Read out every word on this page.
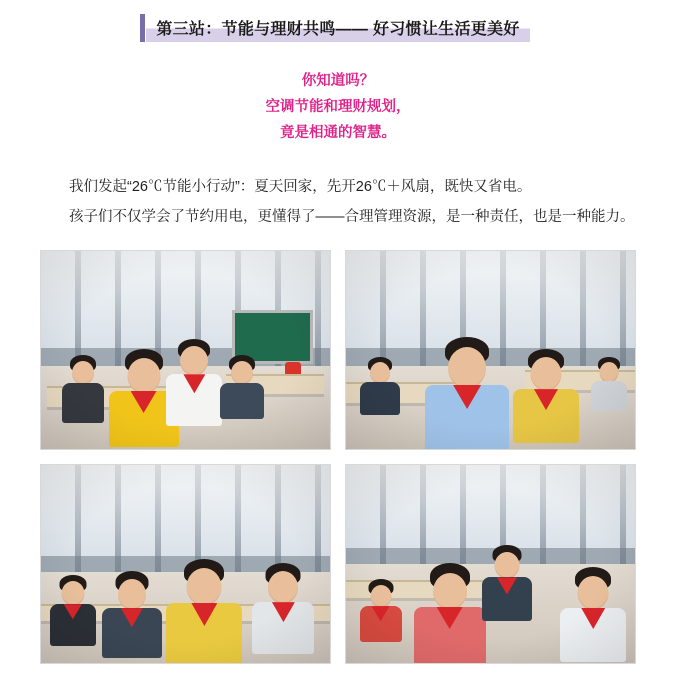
第三站：节能与理财共鸣—— 好习惯让生活更美好
你知道吗？
空调节能和理财规划，
竟是相通的智慧。

我们发起“26℃节能小行动”：夏天回家，先开26℃＋风扇，既快又省电。

孩子们不仅学会了节约用电，更懂得了——合理管理资源，是一种责任，也是一种能力。
